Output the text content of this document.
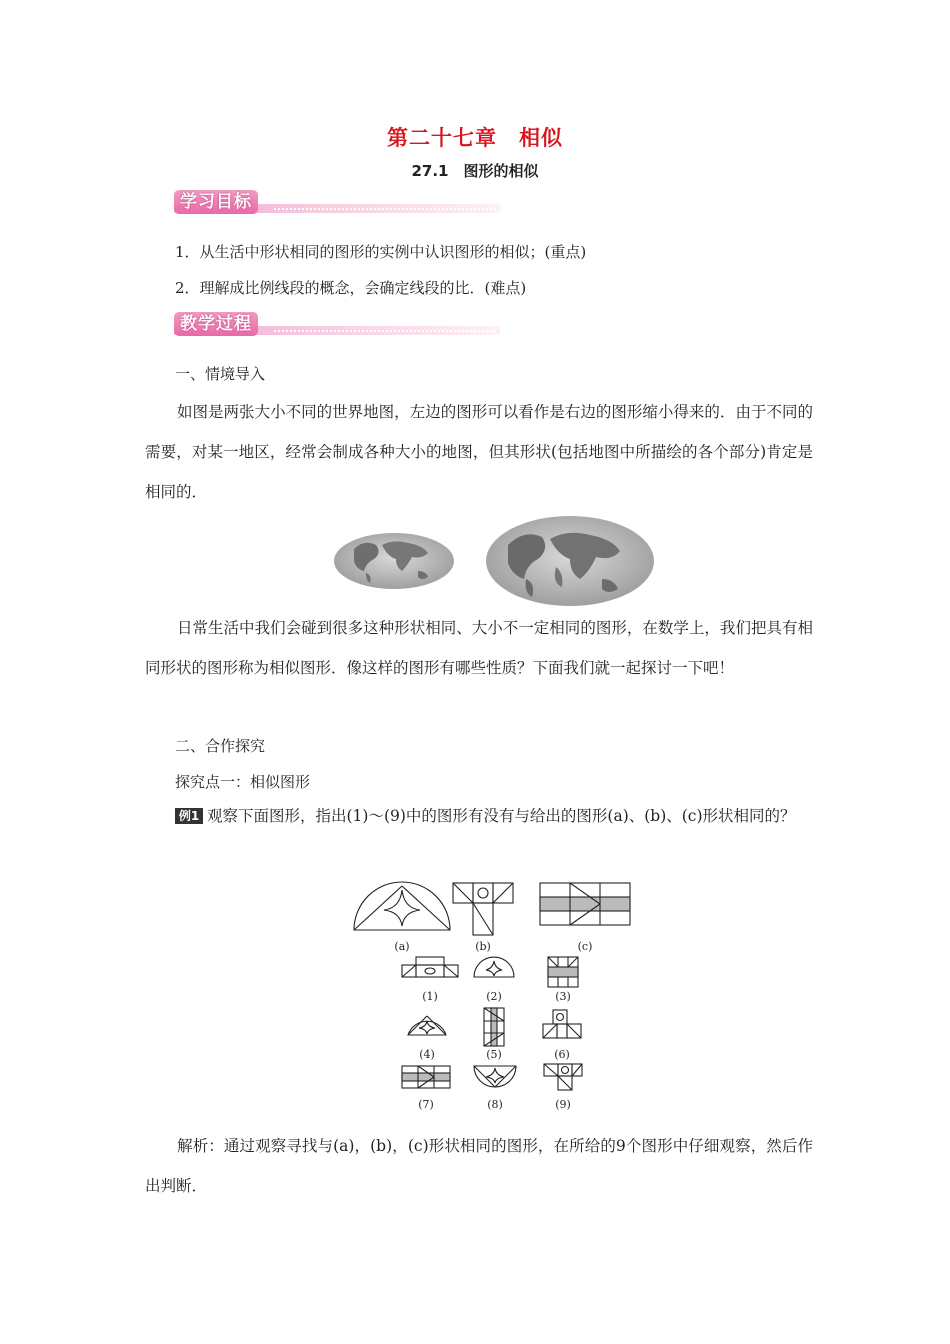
第二十七章　相似
27.1　图形的相似
学习目标
1．从生活中形状相同的图形的实例中认识图形的相似；(重点)
2．理解成比例线段的概念，会确定线段的比．(难点)
教学过程
一、情境导入
如图是两张大小不同的世界地图，左边的图形可以看作是右边的图形缩小得来的．由于不同的需要，对某一地区，经常会制成各种大小的地图，但其形状(包括地图中所描绘的各个部分)肯定是相同的．
日常生活中我们会碰到很多这种形状相同、大小不一定相同的图形，在数学上，我们把具有相同形状的图形称为相似图形．像这样的图形有哪些性质？下面我们就一起探讨一下吧！
二、合作探究
探究点一：相似图形
例1 观察下面图形，指出(1)～(9)中的图形有没有与给出的图形(a)、(b)、(c)形状相同的？
(a)	(b)	(c)
(1)	(2)	(3)
(4)	(5)	(6)
(7)	(8)	(9)
解析：通过观察寻找与(a)，(b)，(c)形状相同的图形，在所给的9个图形中仔细观察，然后作出判断．
